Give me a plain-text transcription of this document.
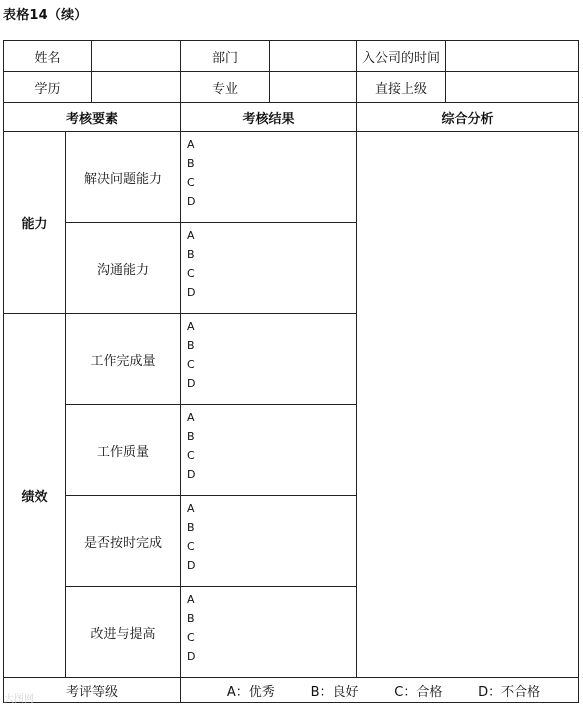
表格14（续）
姓名			部门		入公司的时间	
学历			专业		直接上级	
考核要素			考核结果		综合分析	
能力	解决问题能力		A
B
C
D			

	沟通能力		A
B
C
D			

绩效	工作完成量		A
B
C
D			

	工作质量		A
B
C
D			

	是否按时完成		A
B
C
D			

	改进与提高		A
B
C
D			

考评等级			A：优秀 B：良好 C：合格 D：不合格			
大图网
